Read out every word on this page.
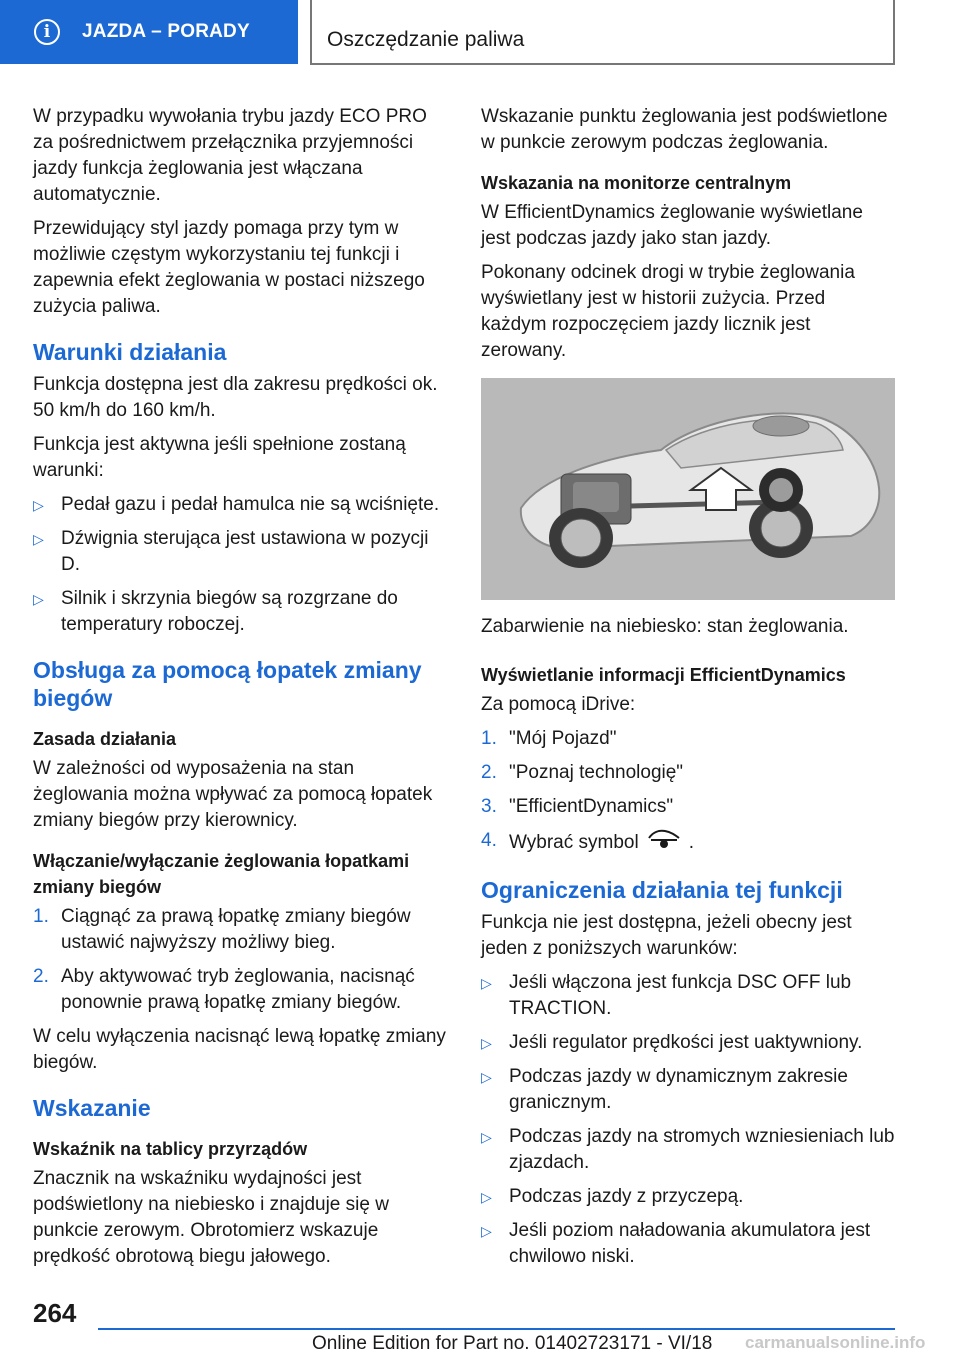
i	JAZDA – PORADY	Oszczędzanie paliwa

W przypadku wywołania trybu jazdy ECO PRO za pośrednictwem przełącznika przyjemności jazdy funkcja żeglowania jest włączana automatycznie.

Przewidujący styl jazdy pomaga przy tym w możliwie częstym wykorzystaniu tej funkcji i zapewnia efekt żeglowania w postaci niższego zużycia paliwa.

Warunki działania

Funkcja dostępna jest dla zakresu prędkości ok. 50 km/h do 160 km/h.

Funkcja jest aktywna jeśli spełnione zostaną warunki:

▷ Pedał gazu i pedał hamulca nie są wciśnięte.
▷ Dźwignia sterująca jest ustawiona w pozycji D.
▷ Silnik i skrzynia biegów są rozgrzane do temperatury roboczej.
Obsługa za pomocą łopatek zmiany biegów
Zasada działania

W zależności od wyposażenia na stan żeglowania można wpływać za pomocą łopatek zmiany biegów przy kierownicy.

Włączanie/wyłączanie żeglowania łopatkami zmiany biegów
1. Ciągnąć za prawą łopatkę zmiany biegów ustawić najwyższy możliwy bieg.
2. Aby aktywować tryb żeglowania, nacisnąć ponownie prawą łopatkę zmiany biegów.

W celu wyłączenia nacisnąć lewą łopatkę zmiany biegów.

Wskazanie
Wskaźnik na tablicy przyrządów

Znacznik na wskaźniku wydajności jest podświetlony na niebiesko i znajduje się w punkcie zerowym. Obrotomierz wskazuje prędkość obrotową biegu jałowego.

Wskazanie punktu żeglowania jest podświetlone w punkcie zerowym podczas żeglowania.

Wskazania na monitorze centralnym

W EfficientDynamics żeglowanie wyświetlane jest podczas jazdy jako stan jazdy.

Pokonany odcinek drogi w trybie żeglowania wyświetlany jest w historii zużycia. Przed każdym rozpoczęciem jazdy licznik jest zerowany.

Zabarwienie na niebiesko: stan żeglowania.

Wyświetlanie informacji EfficientDynamics

Za pomocą iDrive:

1. "Mój Pojazd"
2. "Poznaj technologię"
3. "EfficientDynamics"
4. Wybrać symbol	.
Ograniczenia działania tej funkcji

Funkcja nie jest dostępna, jeżeli obecny jest jeden z poniższych warunków:

▷ Jeśli włączona jest funkcja DSC OFF lub TRACTION.
▷ Jeśli regulator prędkości jest uaktywniony.
▷ Podczas jazdy w dynamicznym zakresie granicznym.
▷ Podczas jazdy na stromych wzniesieniach lub zjazdach.
▷ Podczas jazdy z przyczepą.
▷ Jeśli poziom naładowania akumulatora jest chwilowo niski.
264
Online Edition for Part no. 01402723171 - VI/18 carmanualsonline.info
